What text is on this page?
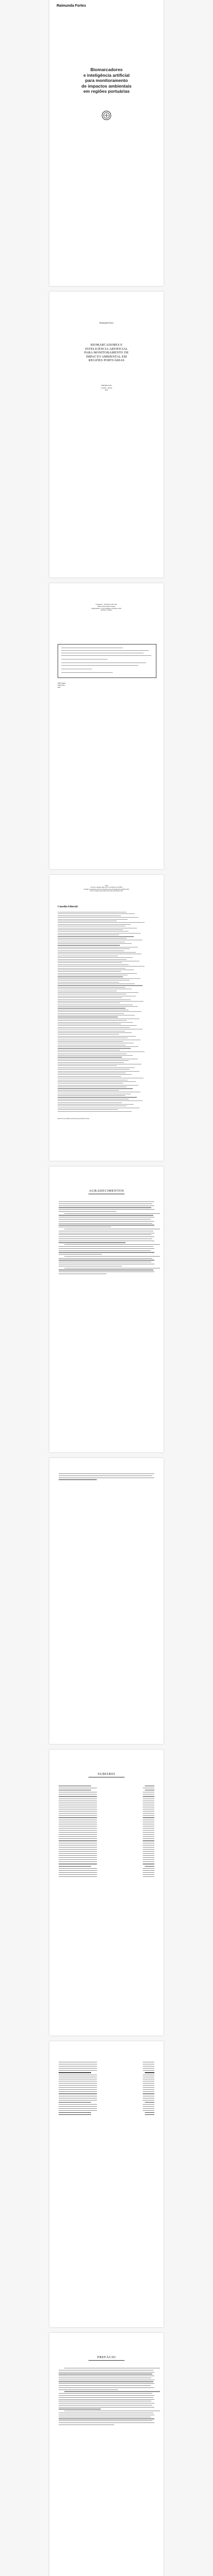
Raimunda Fortes
Biomarcadores
e inteligência artificial
para monitoramento
de impactos ambientais
em regiões portuárias
Raimunda Fortes
BIOMARCADORES E
INTELIGÊNCIA ARTIFICIAL
PARA MONITORAMENTO DE
IMPACTO AMBIENTAL EM
REGIÕES PORTUÁRIAS
EDITORA CRV
Curitiba – Brasil
2023
Copyright © da Editora CRV Ltda.
Editor-chefe: Railson Moura
Diagramação e Capa: Designers da Editora CRV
Revisão: A Autora
ISBN Digital
ISBN Físico
DOI
2023
Foi feito o depósito legal conf. Lei 10.994 de 14/12/2004
Proibida a reprodução parcial ou total desta obra sem autorização da Editora CRV
Todos os direitos desta edição reservados pela Editora CRV
Conselho Editorial:
Este livro foi avaliado e aprovado por pareceristas ad hoc.
AGRADECIMENTOS
SUMÁRIO
PREFÁCIO
